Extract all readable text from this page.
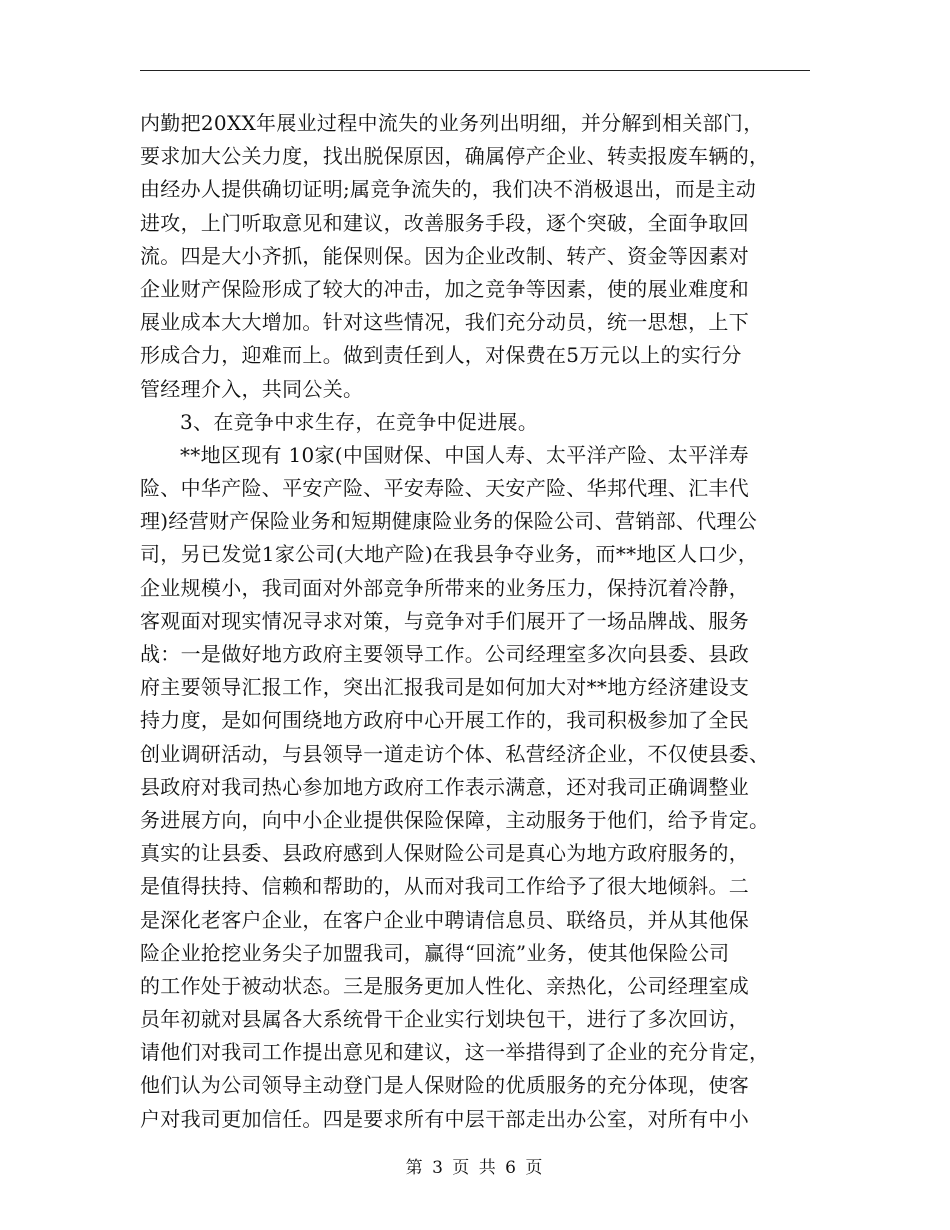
内勤把20XX年展业过程中流失的业务列出明细，并分解到相关部门，
要求加大公关力度，找出脱保原因，确属停产企业、转卖报废车辆的，
由经办人提供确切证明;属竞争流失的，我们决不消极退出，而是主动
进攻，上门听取意见和建议，改善服务手段，逐个突破，全面争取回
流。四是大小齐抓，能保则保。因为企业改制、转产、资金等因素对
企业财产保险形成了较大的冲击，加之竞争等因素，使的展业难度和
展业成本大大增加。针对这些情况，我们充分动员，统一思想，上下
形成合力，迎难而上。做到责任到人，对保费在5万元以上的实行分
管经理介入，共同公关。
3、在竞争中求生存，在竞争中促进展。
**地区现有 10家(中国财保、中国人寿、太平洋产险、太平洋寿
险、中华产险、平安产险、平安寿险、天安产险、华邦代理、汇丰代
理)经营财产保险业务和短期健康险业务的保险公司、营销部、代理公
司，另已发觉1家公司(大地产险)在我县争夺业务，而**地区人口少，
企业规模小，我司面对外部竞争所带来的业务压力，保持沉着冷静，
客观面对现实情况寻求对策，与竞争对手们展开了一场品牌战、服务
战：一是做好地方政府主要领导工作。公司经理室多次向县委、县政
府主要领导汇报工作，突出汇报我司是如何加大对**地方经济建设支
持力度，是如何围绕地方政府中心开展工作的，我司积极参加了全民
创业调研活动，与县领导一道走访个体、私营经济企业，不仅使县委、
县政府对我司热心参加地方政府工作表示满意，还对我司正确调整业
务进展方向，向中小企业提供保险保障，主动服务于他们，给予肯定。
真实的让县委、县政府感到人保财险公司是真心为地方政府服务的，
是值得扶持、信赖和帮助的，从而对我司工作给予了很大地倾斜。二
是深化老客户企业，在客户企业中聘请信息员、联络员，并从其他保
险企业抢挖业务尖子加盟我司，赢得“回流”业务，使其他保险公司
的工作处于被动状态。三是服务更加人性化、亲热化，公司经理室成
员年初就对县属各大系统骨干企业实行划块包干，进行了多次回访，
请他们对我司工作提出意见和建议，这一举措得到了企业的充分肯定，
他们认为公司领导主动登门是人保财险的优质服务的充分体现，使客
户对我司更加信任。四是要求所有中层干部走出办公室，对所有中小
第 3 页 共 6 页
